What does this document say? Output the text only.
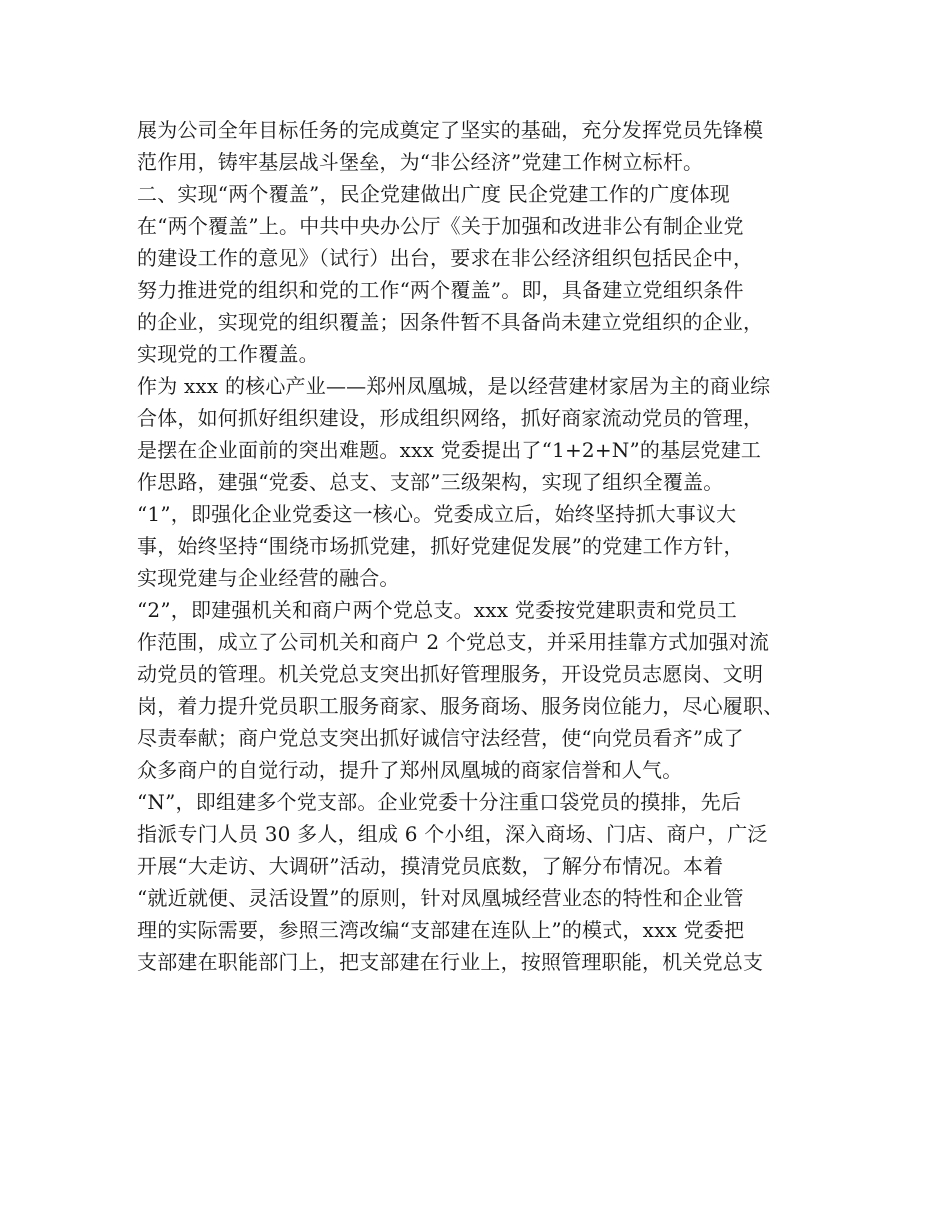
展为公司全年目标任务的完成奠定了坚实的基础，充分发挥党员先锋模
范作用，铸牢基层战斗堡垒，为“非公经济”党建工作树立标杆。
二、实现“两个覆盖”，民企党建做出广度 民企党建工作的广度体现
在“两个覆盖”上。中共中央办公厅《关于加强和改进非公有制企业党
的建设工作的意见》（试行）出台，要求在非公经济组织包括民企中，
努力推进党的组织和党的工作“两个覆盖”。即，具备建立党组织条件
的企业，实现党的组织覆盖；因条件暂不具备尚未建立党组织的企业，
实现党的工作覆盖。
作为 xxx 的核心产业——郑州凤凰城，是以经营建材家居为主的商业综
合体，如何抓好组织建设，形成组织网络，抓好商家流动党员的管理，
是摆在企业面前的突出难题。xxx 党委提出了“1+2+N”的基层党建工
作思路，建强“党委、总支、支部”三级架构，实现了组织全覆盖。
“1”，即强化企业党委这一核心。党委成立后，始终坚持抓大事议大
事，始终坚持“围绕市场抓党建，抓好党建促发展”的党建工作方针，
实现党建与企业经营的融合。
“2”，即建强机关和商户两个党总支。xxx 党委按党建职责和党员工
作范围，成立了公司机关和商户 2 个党总支，并采用挂靠方式加强对流
动党员的管理。机关党总支突出抓好管理服务，开设党员志愿岗、文明
岗，着力提升党员职工服务商家、服务商场、服务岗位能力，尽心履职、
尽责奉献；商户党总支突出抓好诚信守法经营，使“向党员看齐”成了
众多商户的自觉行动，提升了郑州凤凰城的商家信誉和人气。
“N”，即组建多个党支部。企业党委十分注重口袋党员的摸排，先后
指派专门人员 30 多人，组成 6 个小组，深入商场、门店、商户，广泛
开展“大走访、大调研”活动，摸清党员底数，了解分布情况。本着
“就近就便、灵活设置”的原则，针对凤凰城经营业态的特性和企业管
理的实际需要，参照三湾改编“支部建在连队上”的模式，xxx 党委把
支部建在职能部门上，把支部建在行业上，按照管理职能，机关党总支
